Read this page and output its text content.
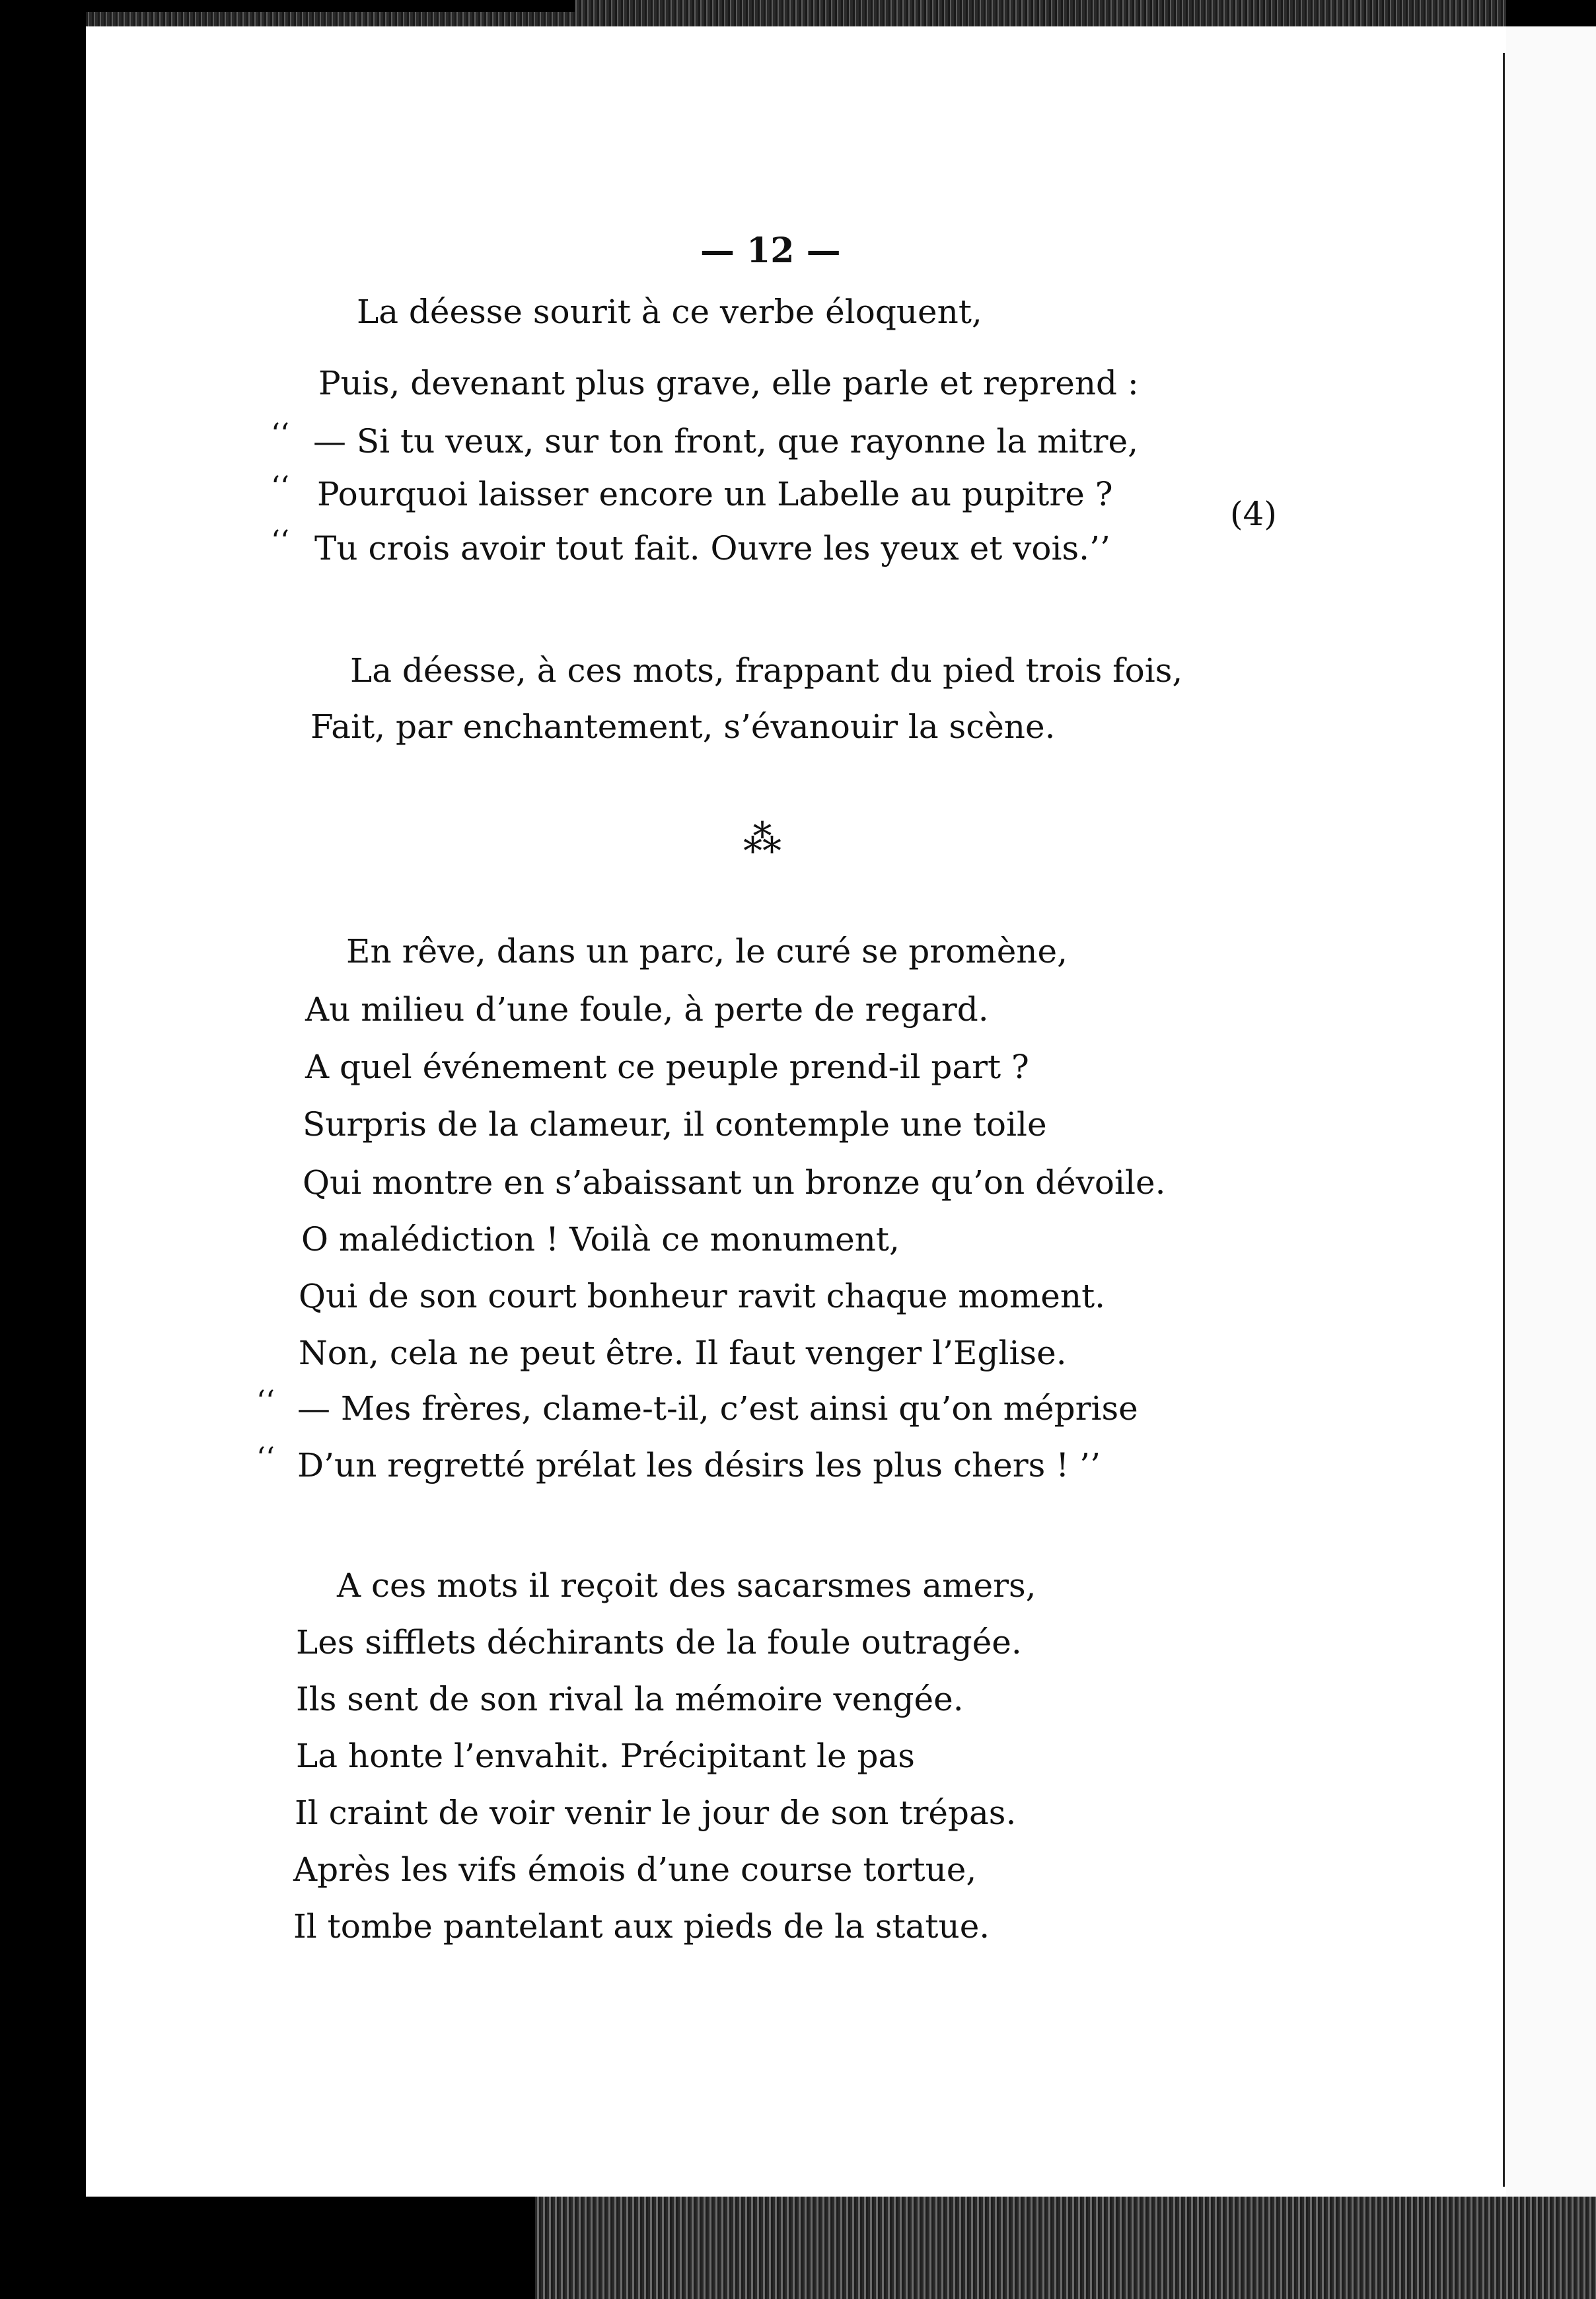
— 12 —
La déesse sourit à ce verbe éloquent,
Puis, devenant plus grave, elle parle et reprend :
‘‘ — Si tu veux, sur ton front, que rayonne la mitre,
‘‘ Pourquoi laisser encore un Labelle au pupitre ?
(4)
‘‘ Tu crois avoir tout fait. Ouvre les yeux et vois.’’
La déesse, à ces mots, frappant du pied trois fois,
Fait, par enchantement, s’évanouir la scène.
⁂
En rêve, dans un parc, le curé se promène,
Au milieu d’une foule, à perte de regard.
A quel événement ce peuple prend-il part ?
Surpris de la clameur, il contemple une toile
Qui montre en s’abaissant un bronze qu’on dévoile.
O malédiction ! Voilà ce monument,
Qui de son court bonheur ravit chaque moment.
Non, cela ne peut être. Il faut venger l’Eglise.
‘‘ — Mes frères, clame-t-il, c’est ainsi qu’on méprise
‘‘ D’un regretté prélat les désirs les plus chers ! ’’
A ces mots il reçoit des sacarsmes amers,
Les sifflets déchirants de la foule outragée.
Ils sent de son rival la mémoire vengée.
La honte l’envahit. Précipitant le pas
Il craint de voir venir le jour de son trépas.
Après les vifs émois d’une course tortue,
Il tombe pantelant aux pieds de la statue.
